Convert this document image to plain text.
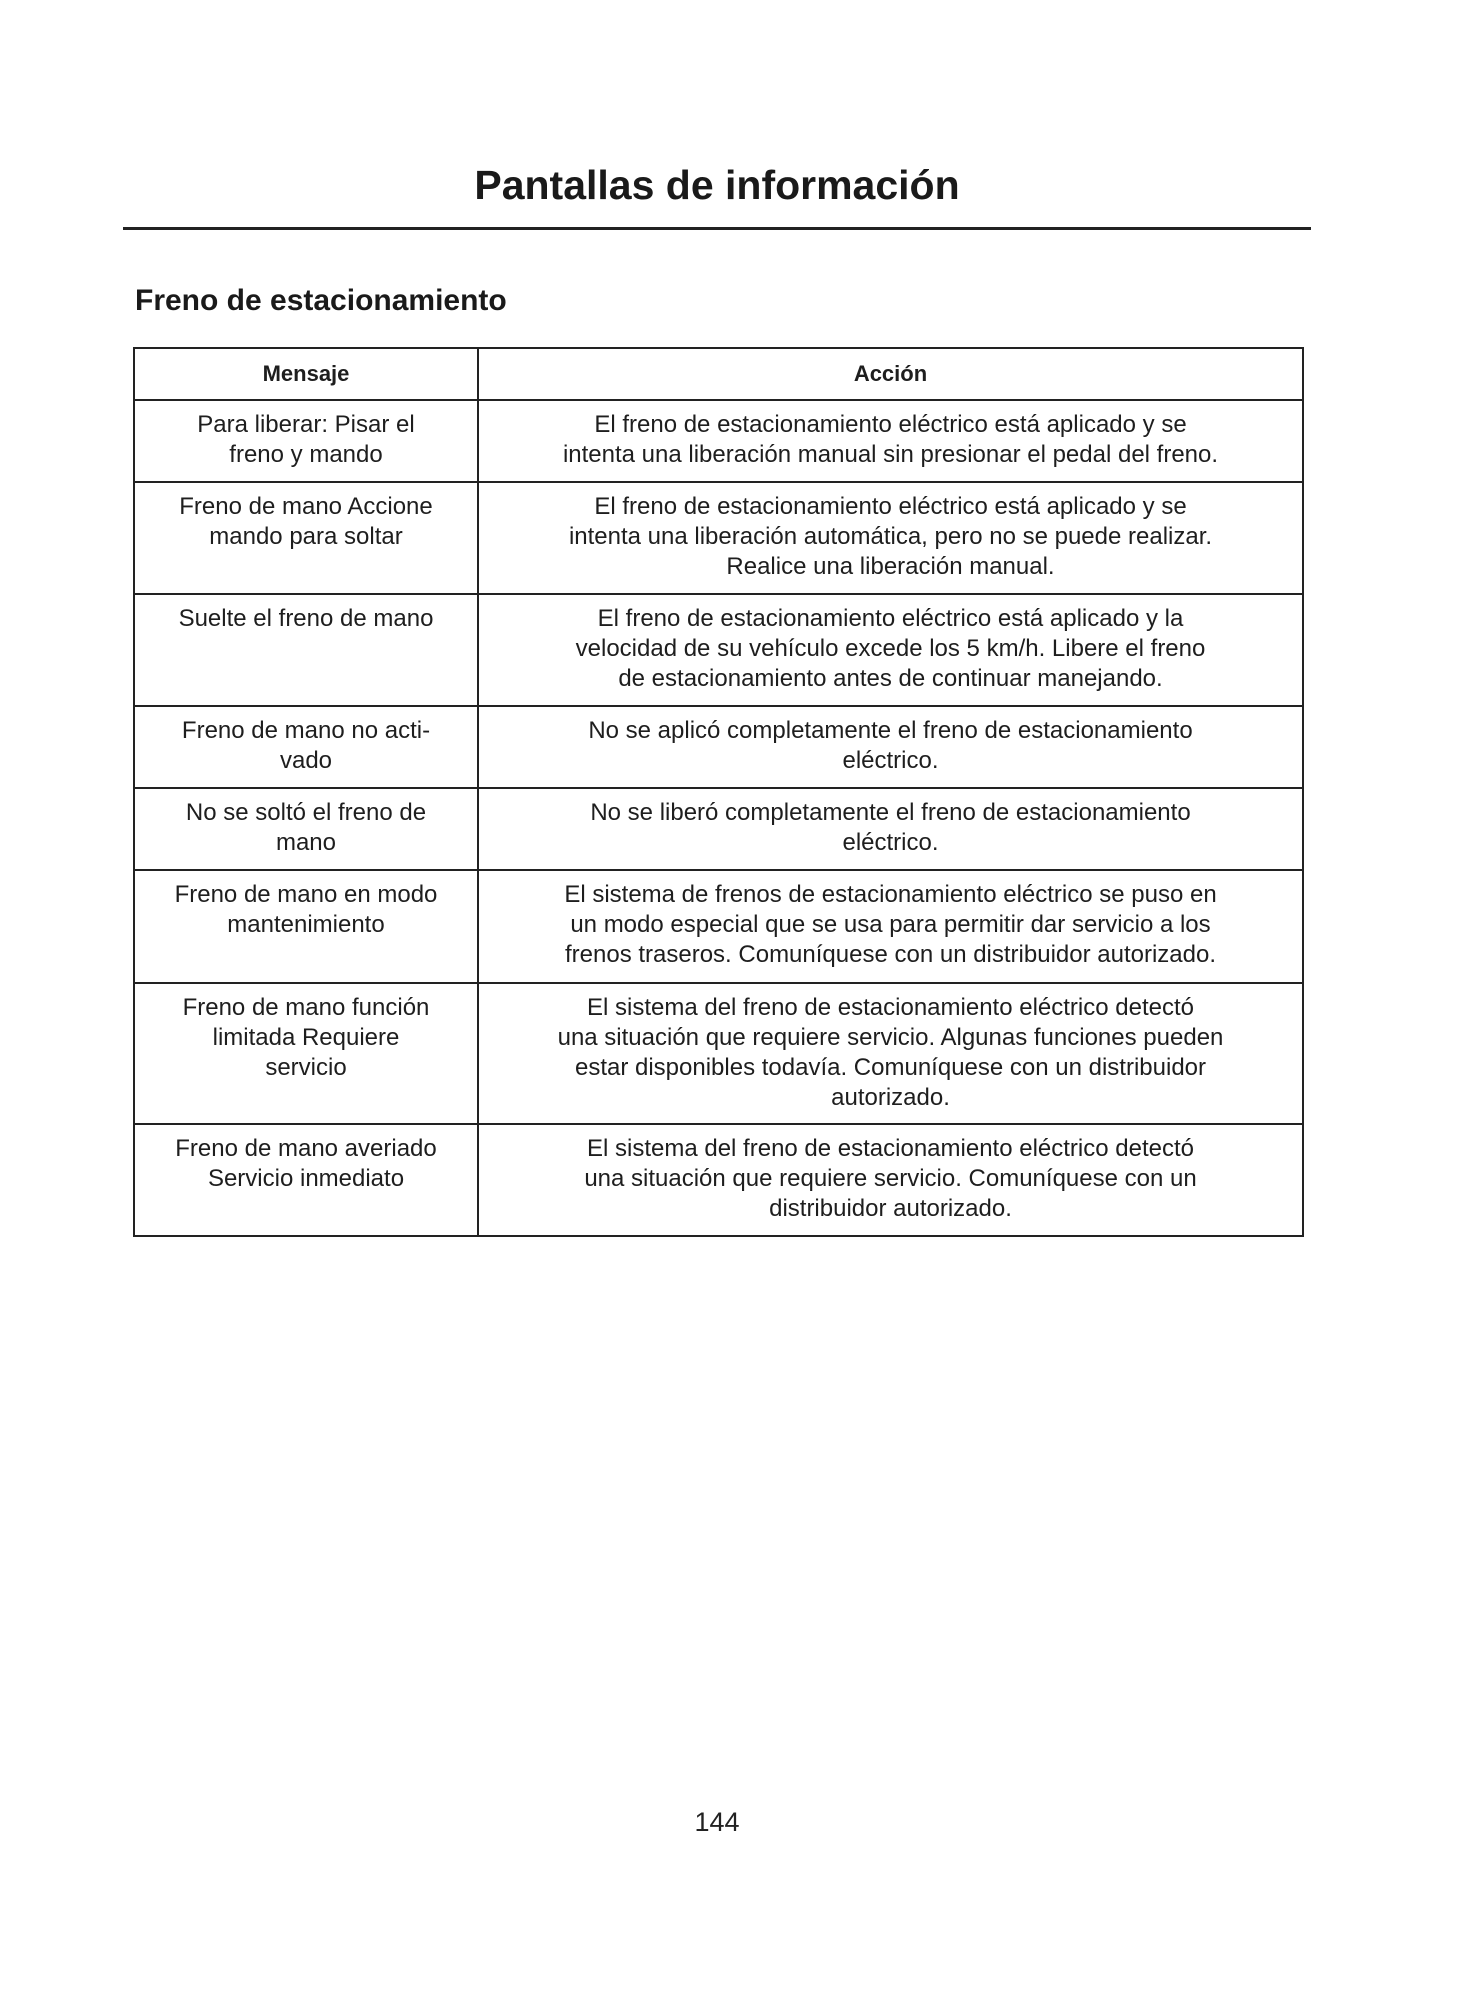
Pantallas de información
Freno de estacionamiento
Mensaje	Acción

Para liberar: Pisar el
freno y mando	El freno de estacionamiento eléctrico está aplicado y se
intenta una liberación manual sin presionar el pedal del freno.

Freno de mano Accione
mando para soltar	El freno de estacionamiento eléctrico está aplicado y se
intenta una liberación automática, pero no se puede realizar.
Realice una liberación manual.

Suelte el freno de mano	El freno de estacionamiento eléctrico está aplicado y la
velocidad de su vehículo excede los 5 km/h. Libere el freno
de estacionamiento antes de continuar manejando.

Freno de mano no acti-
vado	No se aplicó completamente el freno de estacionamiento
eléctrico.

No se soltó el freno de
mano	No se liberó completamente el freno de estacionamiento
eléctrico.

Freno de mano en modo
mantenimiento	El sistema de frenos de estacionamiento eléctrico se puso en
un modo especial que se usa para permitir dar servicio a los
frenos traseros. Comuníquese con un distribuidor autorizado.

Freno de mano función
limitada Requiere
servicio	El sistema del freno de estacionamiento eléctrico detectó
una situación que requiere servicio. Algunas funciones pueden
estar disponibles todavía. Comuníquese con un distribuidor
autorizado.

Freno de mano averiado
Servicio inmediato	El sistema del freno de estacionamiento eléctrico detectó
una situación que requiere servicio. Comuníquese con un
distribuidor autorizado.
144
